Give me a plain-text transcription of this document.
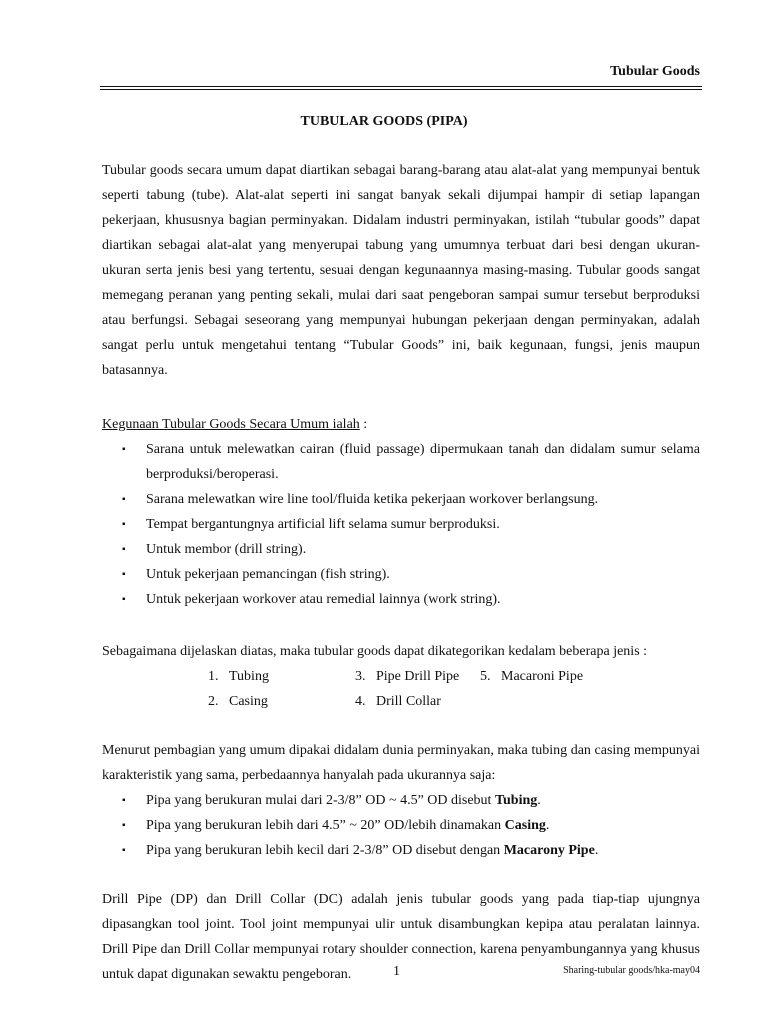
Tubular Goods
TUBULAR GOODS (PIPA)

Tubular goods secara umum dapat diartikan sebagai barang-barang atau alat-alat yang mempunyai bentuk seperti tabung (tube). Alat-alat seperti ini sangat banyak sekali dijumpai hampir di setiap lapangan pekerjaan, khususnya bagian perminyakan. Didalam industri perminyakan, istilah “tubular goods” dapat diartikan sebagai alat-alat yang menyerupai tabung yang umumnya terbuat dari besi dengan ukuran-ukuran serta jenis besi yang tertentu, sesuai dengan kegunaannya masing-masing. Tubular goods sangat memegang peranan yang penting sekali, mulai dari saat pengeboran sampai sumur tersebut berproduksi atau berfungsi. Sebagai seseorang yang mempunyai hubungan pekerjaan dengan perminyakan, adalah sangat perlu untuk mengetahui tentang “Tubular Goods” ini, baik kegunaan, fungsi, jenis maupun batasannya.

Kegunaan Tubular Goods Secara Umum ialah :
▪ Sarana untuk melewatkan cairan (fluid passage) dipermukaan tanah dan didalam sumur selama berproduksi/beroperasi.
▪ Sarana melewatkan wire line tool/fluida ketika pekerjaan workover berlangsung.
▪ Tempat bergantungnya artificial lift selama sumur berproduksi.
▪ Untuk membor (drill string).
▪ Untuk pekerjaan pemancingan (fish string).
▪ Untuk pekerjaan workover atau remedial lainnya (work string).
Sebagaimana dijelaskan diatas, maka tubular goods dapat dikategorikan kedalam beberapa jenis :
1. Tubing
2. Casing
3. Pipe Drill Pipe
4. Drill Collar
5. Macaroni Pipe

Menurut pembagian yang umum dipakai didalam dunia perminyakan, maka tubing dan casing mempunyai karakteristik yang sama, perbedaannya hanyalah pada ukurannya saja:

▪ Pipa yang berukuran mulai dari 2-3/8” OD ~ 4.5” OD disebut Tubing.
▪ Pipa yang berukuran lebih dari 4.5” ~ 20” OD/lebih dinamakan Casing.
▪ Pipa yang berukuran lebih kecil dari 2-3/8” OD disebut dengan Macarony Pipe.

Drill Pipe (DP) dan Drill Collar (DC) adalah jenis tubular goods yang pada tiap-tiap ujungnya dipasangkan tool joint. Tool joint mempunyai ulir untuk disambungkan kepipa atau peralatan lainnya. Drill Pipe dan Drill Collar mempunyai rotary shoulder connection, karena penyambungannya yang khusus untuk dapat digunakan sewaktu pengeboran.	1	Sharing-tubular goods/hka-may04
